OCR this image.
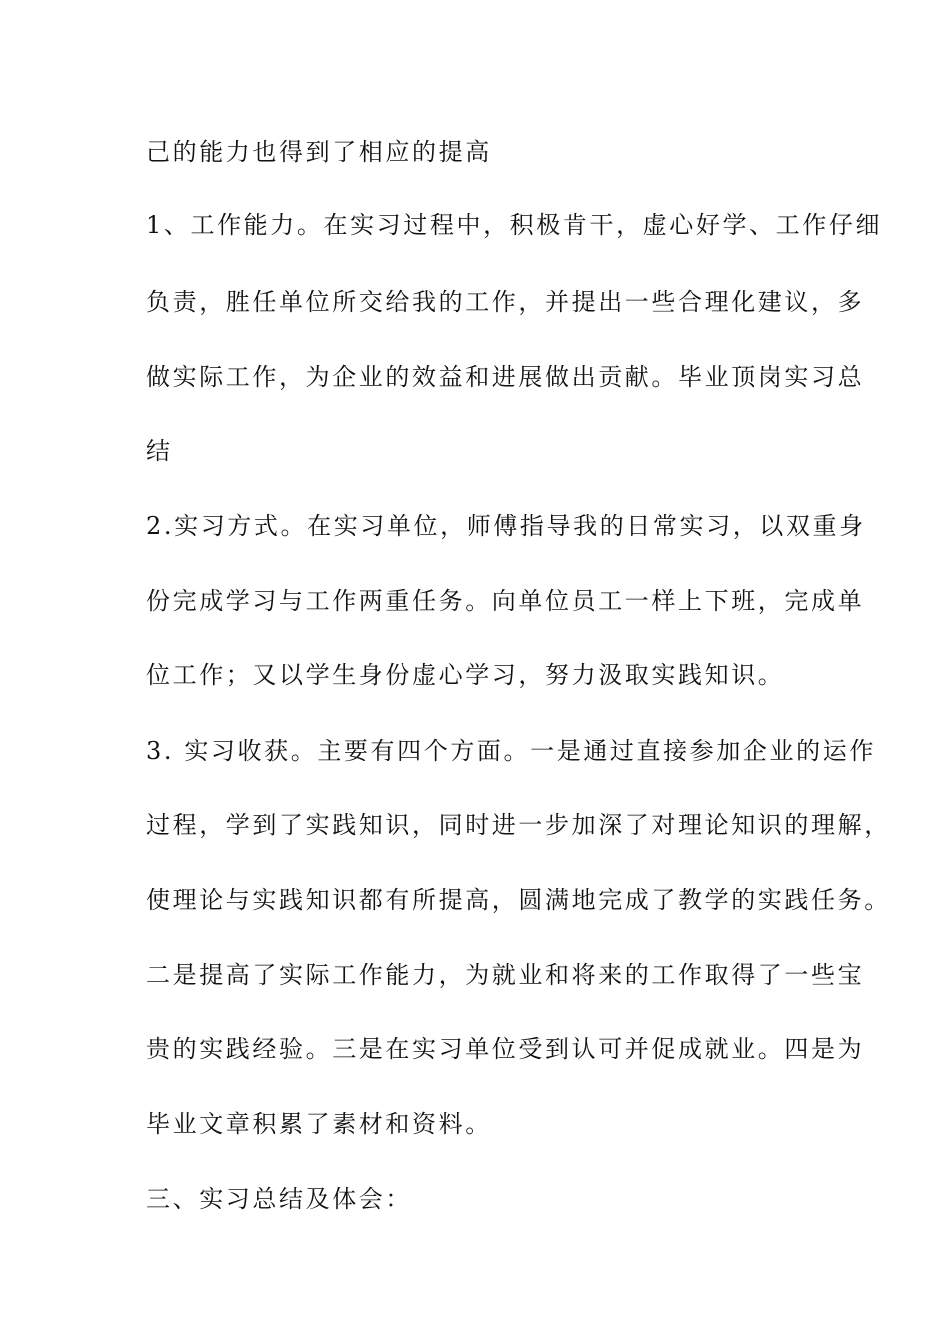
己的能力也得到了相应的提高
1、工作能力。在实习过程中，积极肯干，虚心好学、工作仔细
负责，胜任单位所交给我的工作，并提出一些合理化建议，多
做实际工作，为企业的效益和进展做出贡献。毕业顶岗实习总
结
2.实习方式。在实习单位，师傅指导我的日常实习，以双重身
份完成学习与工作两重任务。向单位员工一样上下班，完成单
位工作；又以学生身份虚心学习，努力汲取实践知识。
3. 实习收获。主要有四个方面。一是通过直接参加企业的运作
过程，学到了实践知识，同时进一步加深了对理论知识的理解，
使理论与实践知识都有所提高，圆满地完成了教学的实践任务。
二是提高了实际工作能力，为就业和将来的工作取得了一些宝
贵的实践经验。三是在实习单位受到认可并促成就业。四是为
毕业文章积累了素材和资料。
三、实习总结及体会：
